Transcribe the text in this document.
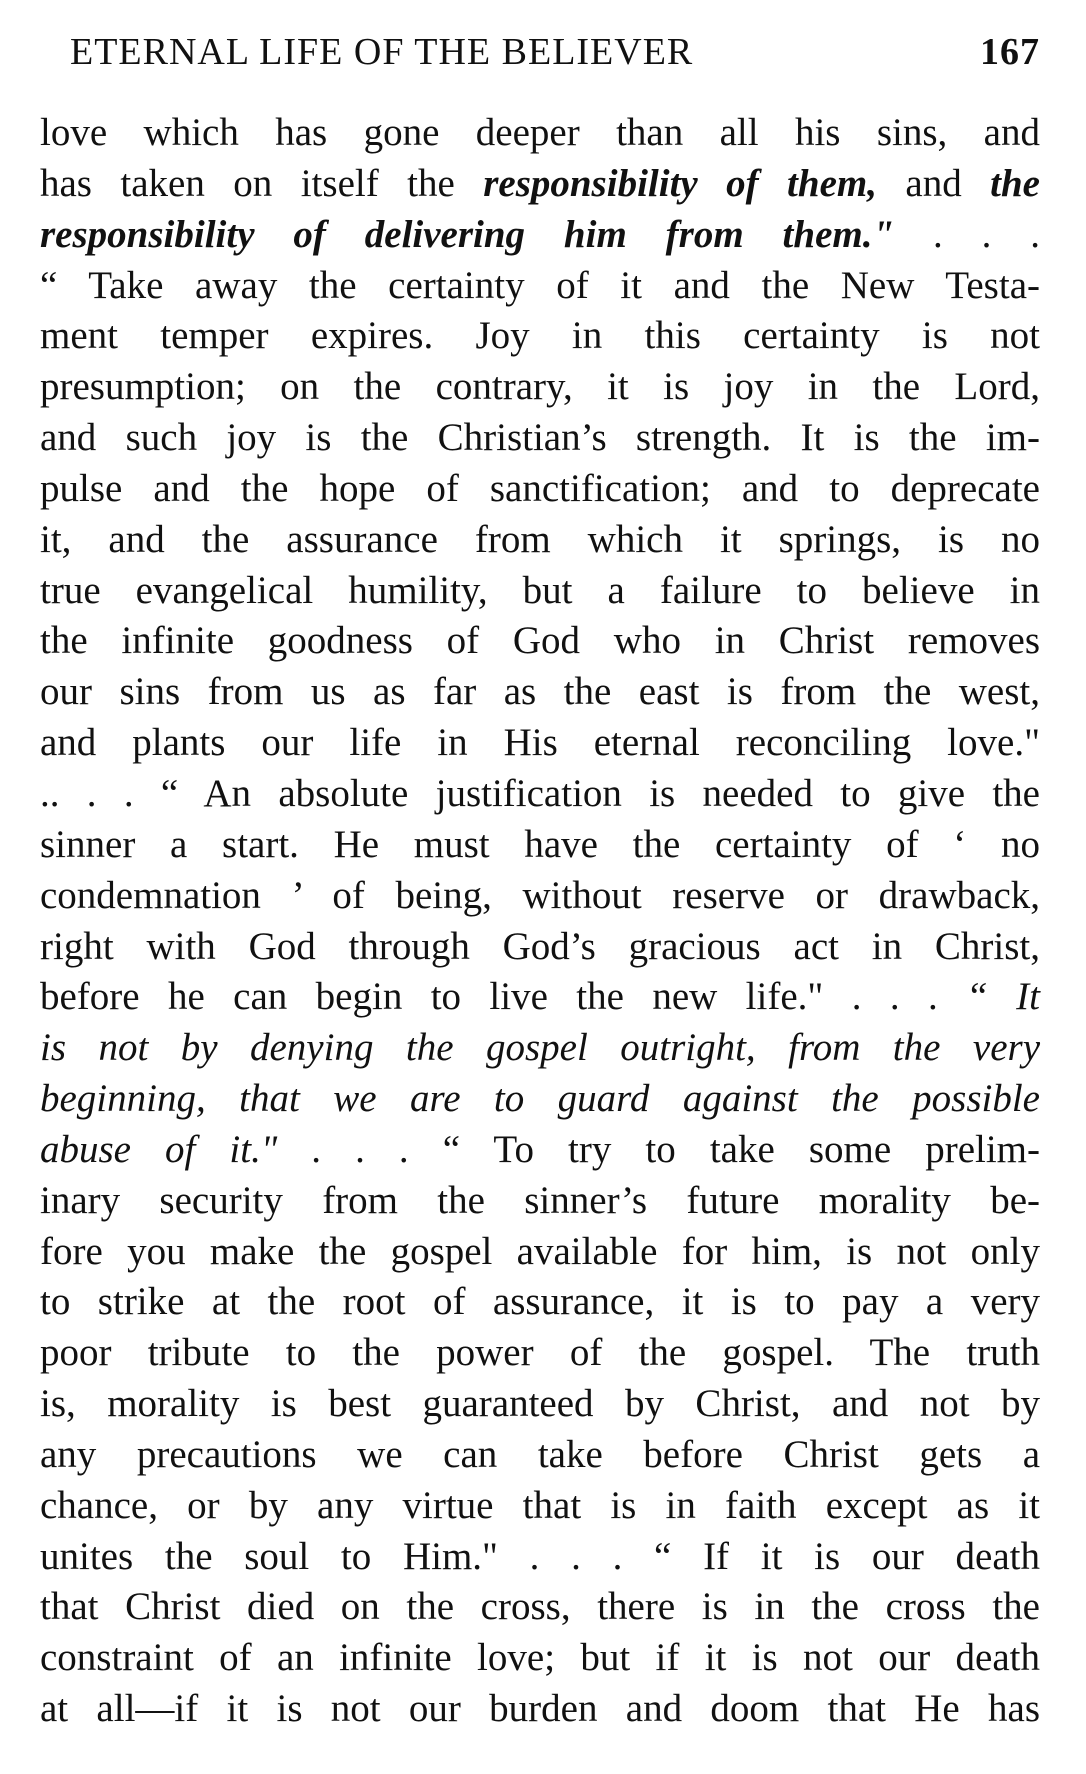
ETERNAL LIFE OF THE BELIEVER	167
love which has gone deeper than all his sins, and
has taken on itself the responsibility of them, and the
responsibility of delivering him from them." . . .
“ Take away the certainty of it and the New Testa-
ment temper expires. Joy in this certainty is not
presumption; on the contrary, it is joy in the Lord,
and such joy is the Christian’s strength. It is the im-
pulse and the hope of sanctification; and to deprecate
it, and the assurance from which it springs, is no
true evangelical humility, but a failure to believe in
the infinite goodness of God who in Christ removes
our sins from us as far as the east is from the west,
and plants our life in His eternal reconciling love."
.. . . “ An absolute justification is needed to give the
sinner a start. He must have the certainty of ‘ no
condemnation ’ of being, without reserve or drawback,
right with God through God’s gracious act in Christ,
before he can begin to live the new life." . . . “ It
is not by denying the gospel outright, from the very
beginning, that we are to guard against the possible
abuse of it." . . . “ To try to take some prelim-
inary security from the sinner’s future morality be-
fore you make the gospel available for him, is not only
to strike at the root of assurance, it is to pay a very
poor tribute to the power of the gospel. The truth
is, morality is best guaranteed by Christ, and not by
any precautions we can take before Christ gets a
chance, or by any virtue that is in faith except as it
unites the soul to Him." . . . “ If it is our death
that Christ died on the cross, there is in the cross the
constraint of an infinite love; but if it is not our death
at all—if it is not our burden and doom that He has
